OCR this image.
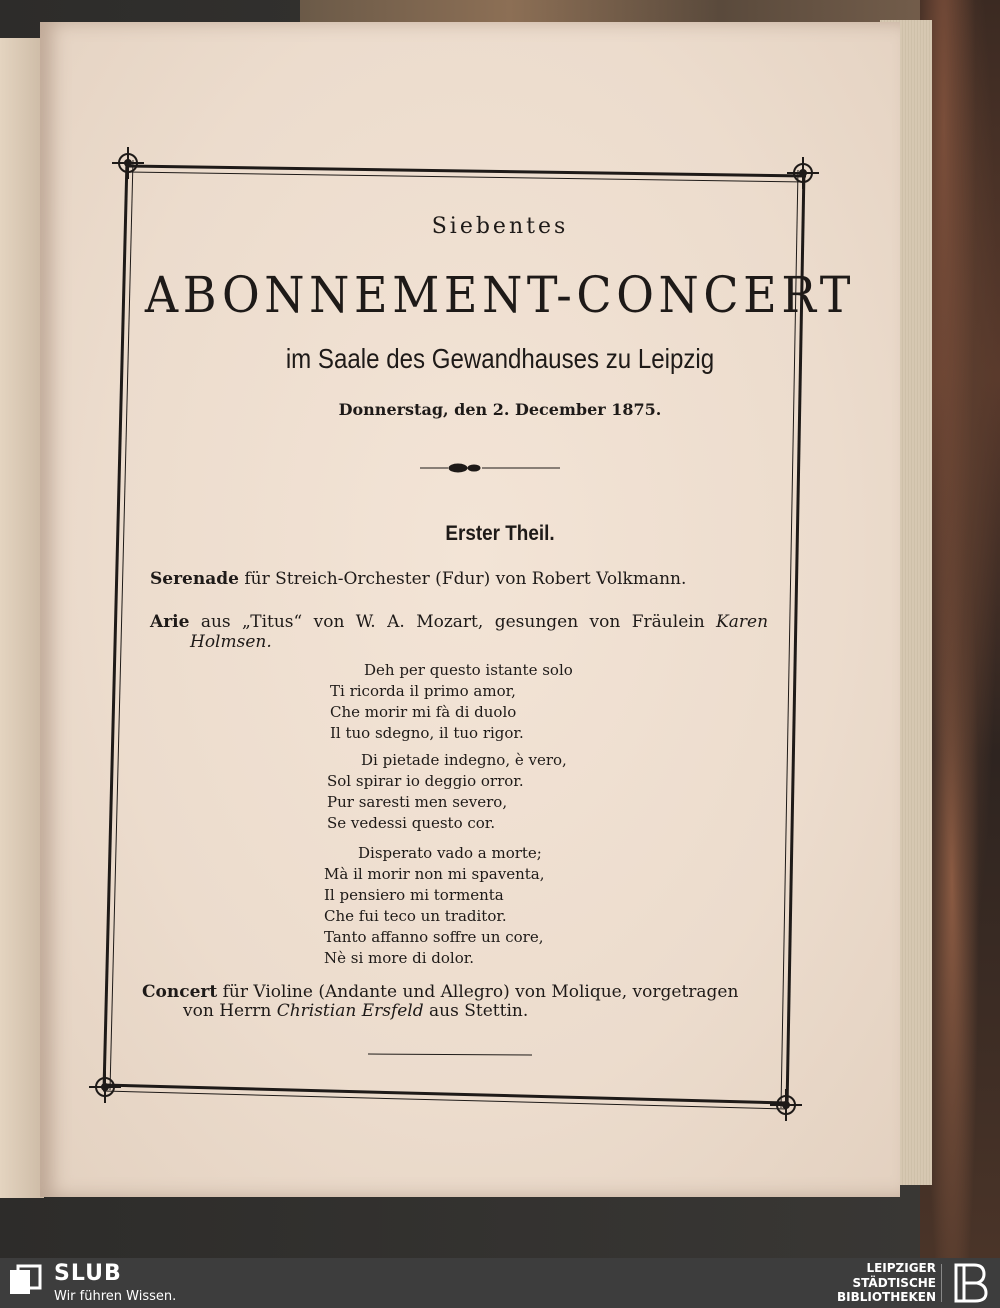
Siebentes
ABONNEMENT-CONCERT
im Saale des Gewandhauses zu Leipzig
Donnerstag, den 2. December 1875.
Erster Theil.
Serenade für Streich-Orchester (Fdur) von Robert Volkmann.
Arie aus „Titus“ von W. A. Mozart, gesungen von Fräulein Karen
Holmsen.
Deh per questo istante solo
Ti ricorda il primo amor,
Che morir mi fà di duolo
Il tuo sdegno, il tuo rigor.
Di pietade indegno, è vero,
Sol spirar io deggio orror.
Pur saresti men severo,
Se vedessi questo cor.
Disperato vado a morte;
Mà il morir non mi spaventa,
Il pensiero mi tormenta
Che fui teco un traditor.
Tanto affanno soffre un core,
Nè si more di dolor.
Concert für Violine (Andante und Allegro) von Molique, vorgetragen
von Herrn Christian Ersfeld aus Stettin.
SLUB
Wir führen Wissen.
LEIPZIGER
STÄDTISCHE
BIBLIOTHEKEN
